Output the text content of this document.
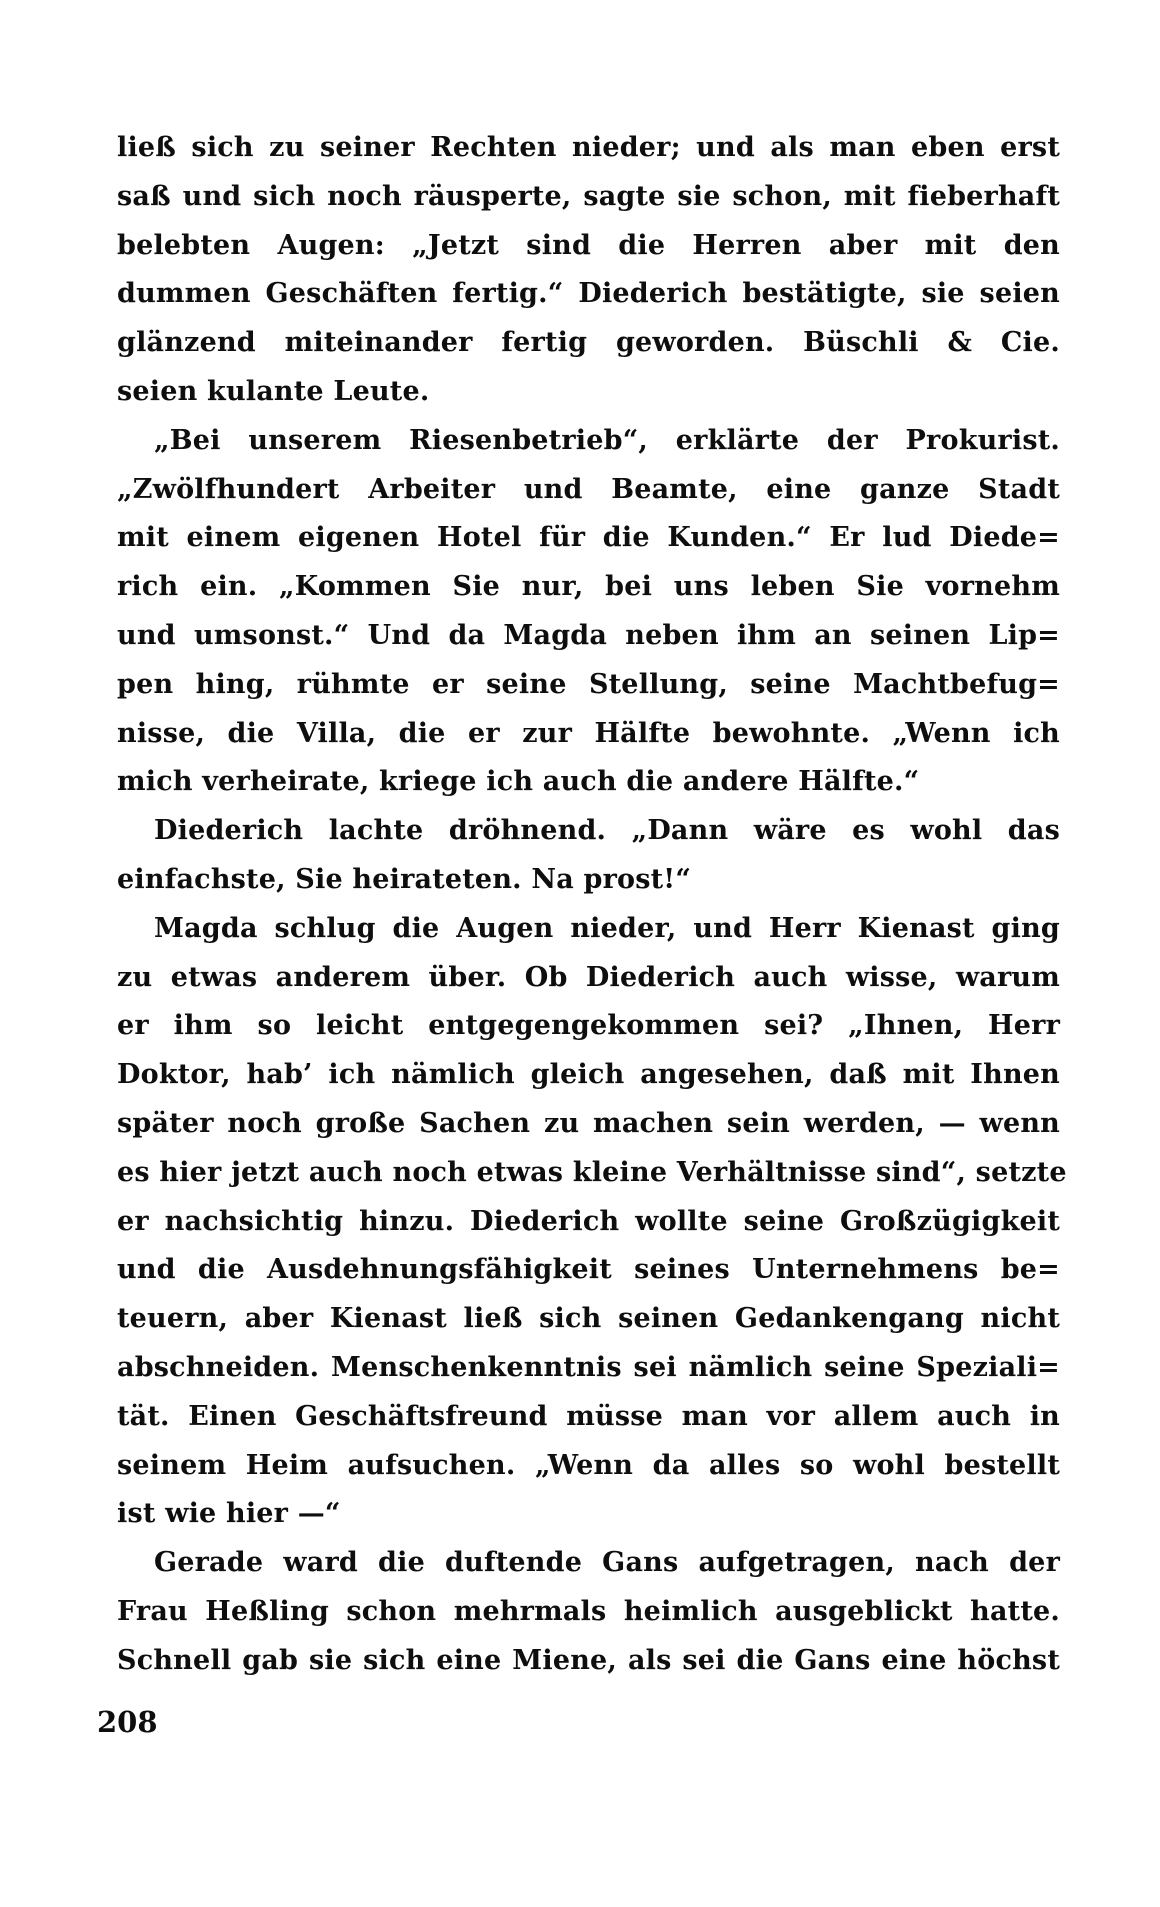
ließ sich zu seiner Rechten nieder; und als man eben erst
saß und sich noch räusperte, sagte sie schon, mit fieberhaft
belebten Augen: „Jetzt sind die Herren aber mit den
dummen Geschäften fertig.“ Diederich bestätigte, sie seien
glänzend miteinander fertig geworden. Büschli & Cie.
seien kulante Leute.
„Bei unserem Riesenbetrieb“, erklärte der Prokurist.
„Zwölfhundert Arbeiter und Beamte, eine ganze Stadt
mit einem eigenen Hotel für die Kunden.“ Er lud Diede=
rich ein. „Kommen Sie nur, bei uns leben Sie vornehm
und umsonst.“ Und da Magda neben ihm an seinen Lip=
pen hing, rühmte er seine Stellung, seine Machtbefug=
nisse, die Villa, die er zur Hälfte bewohnte. „Wenn ich
mich verheirate, kriege ich auch die andere Hälfte.“
Diederich lachte dröhnend. „Dann wäre es wohl das
einfachste, Sie heirateten. Na prost!“
Magda schlug die Augen nieder, und Herr Kienast ging
zu etwas anderem über. Ob Diederich auch wisse, warum
er ihm so leicht entgegengekommen sei? „Ihnen, Herr
Doktor, hab’ ich nämlich gleich angesehen, daß mit Ihnen
später noch große Sachen zu machen sein werden, — wenn
es hier jetzt auch noch etwas kleine Verhältnisse sind“, setzte
er nachsichtig hinzu. Diederich wollte seine Großzügigkeit
und die Ausdehnungsfähigkeit seines Unternehmens be=
teuern, aber Kienast ließ sich seinen Gedankengang nicht
abschneiden. Menschenkenntnis sei nämlich seine Speziali=
tät. Einen Geschäftsfreund müsse man vor allem auch in
seinem Heim aufsuchen. „Wenn da alles so wohl bestellt
ist wie hier —“
Gerade ward die duftende Gans aufgetragen, nach der
Frau Heßling schon mehrmals heimlich ausgeblickt hatte.
Schnell gab sie sich eine Miene, als sei die Gans eine höchst
208
